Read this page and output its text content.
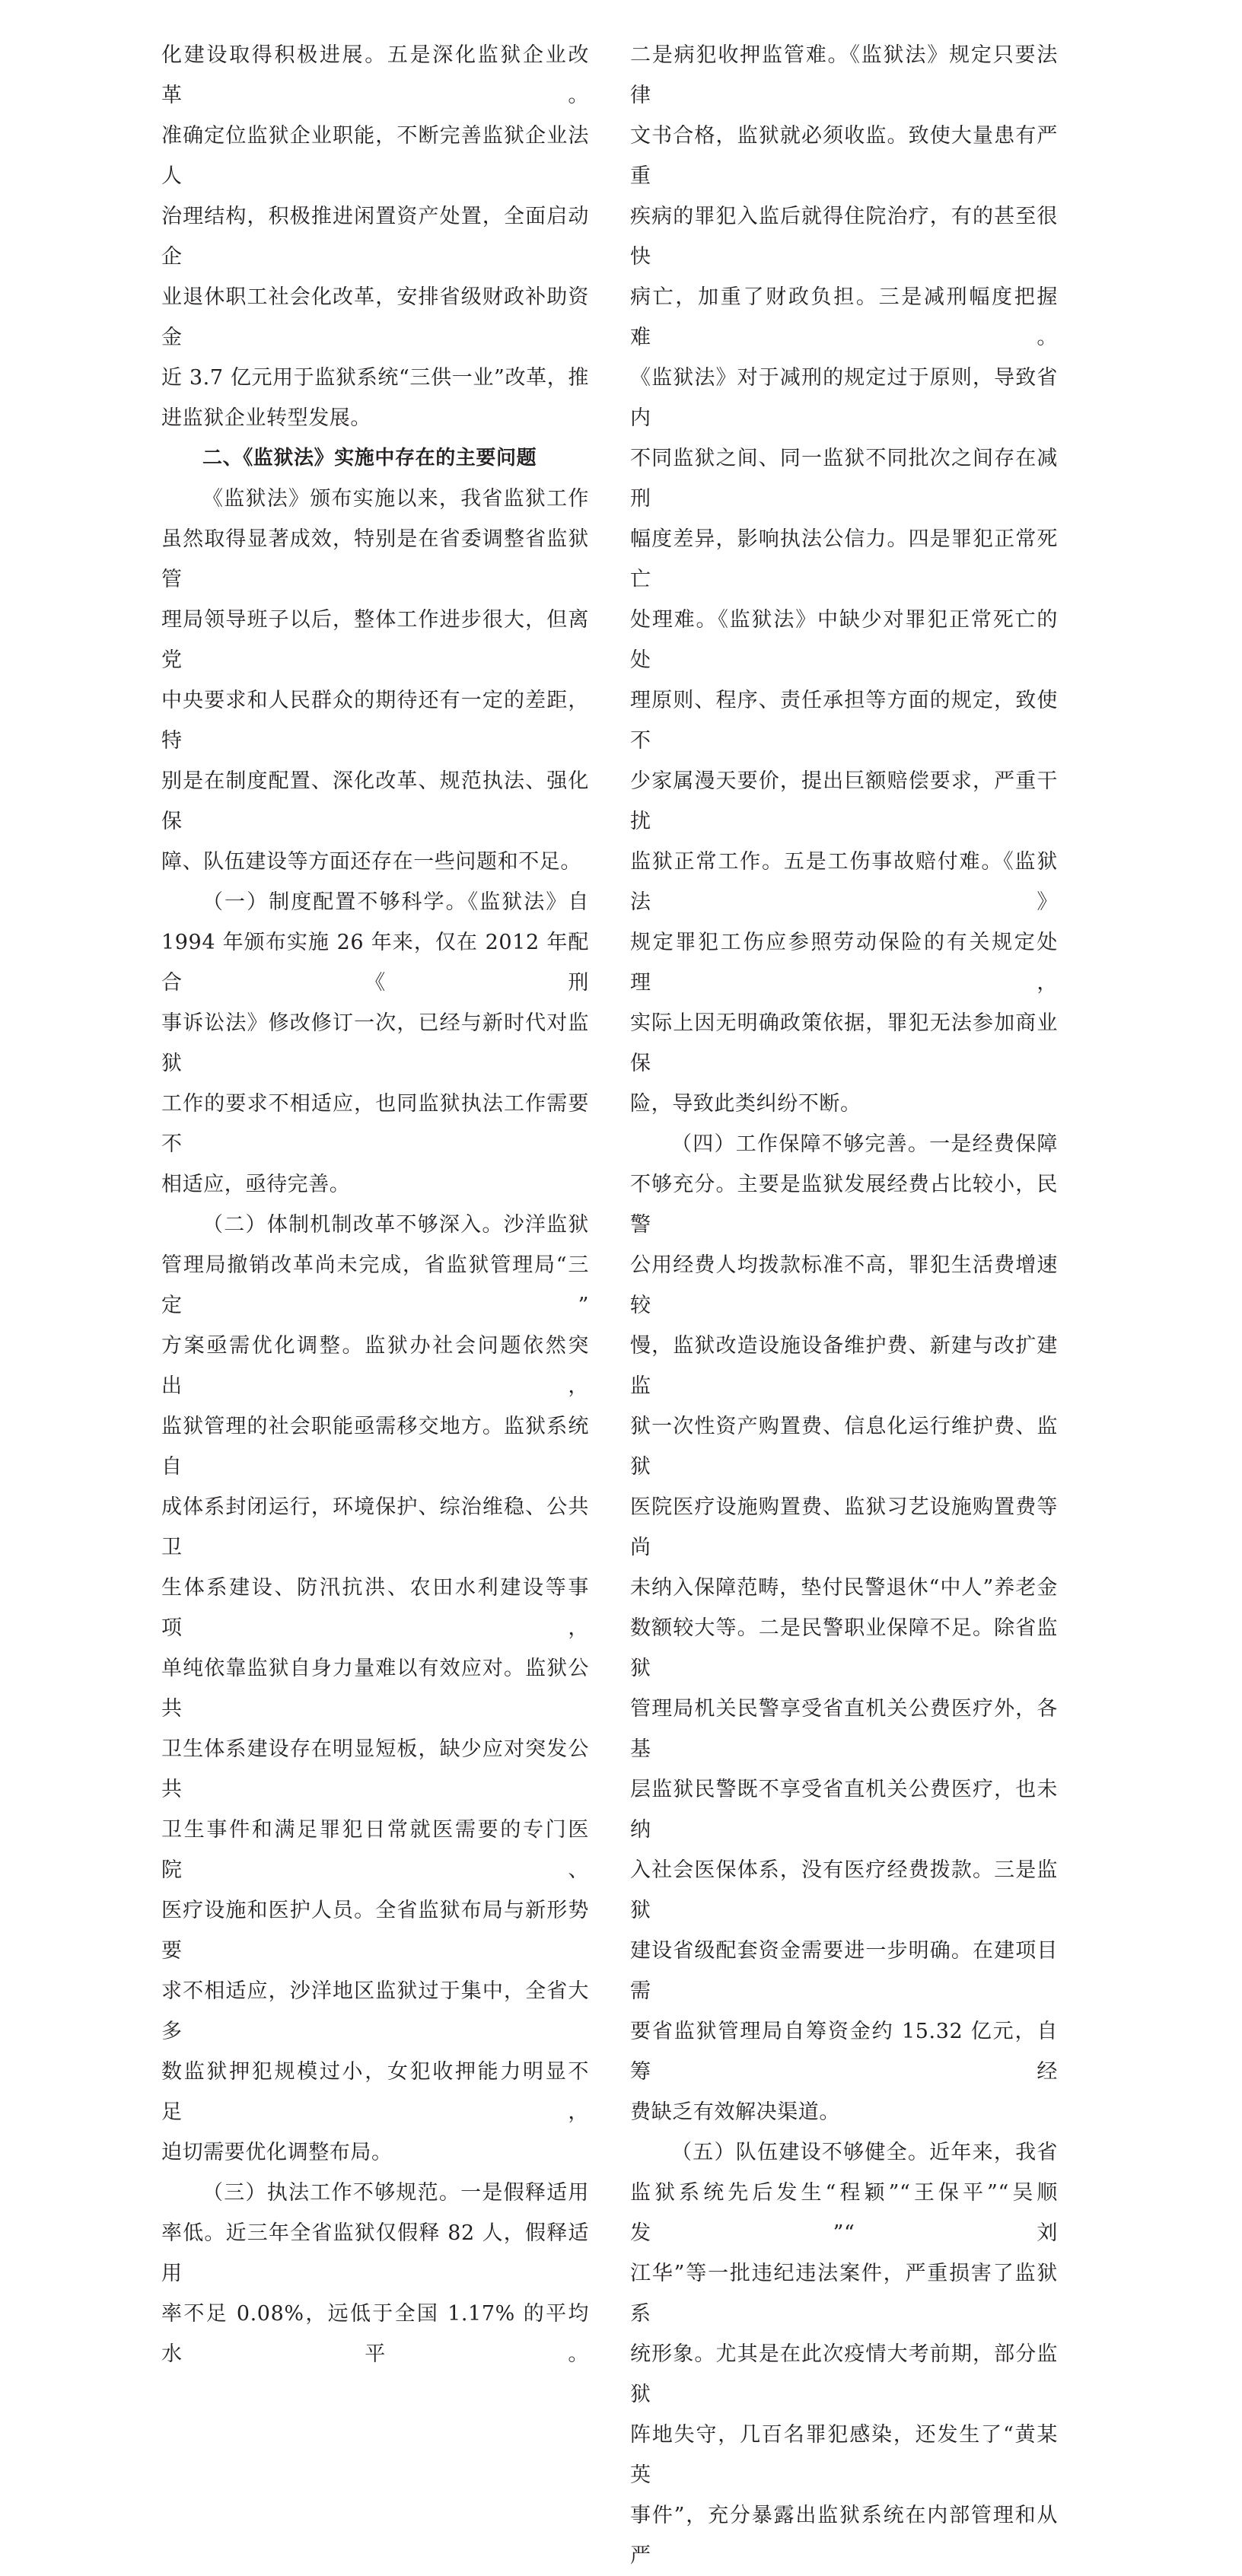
化建设取得积极进展。五是深化监狱企业改革。

准确定位监狱企业职能，不断完善监狱企业法人

治理结构，积极推进闲置资产处置，全面启动企

业退休职工社会化改革，安排省级财政补助资金

近 3.7 亿元用于监狱系统“三供一业”改革，推

进监狱企业转型发展。

二、《监狱法》实施中存在的主要问题

《监狱法》颁布实施以来，我省监狱工作

虽然取得显著成效，特别是在省委调整省监狱管

理局领导班子以后，整体工作进步很大，但离党

中央要求和人民群众的期待还有一定的差距，特

别是在制度配置、深化改革、规范执法、强化保

障、队伍建设等方面还存在一些问题和不足。

（一）制度配置不够科学。《监狱法》自

1994 年颁布实施 26 年来，仅在 2012 年配合《刑

事诉讼法》修改修订一次，已经与新时代对监狱

工作的要求不相适应，也同监狱执法工作需要不

相适应，亟待完善。

（二）体制机制改革不够深入。沙洋监狱

管理局撤销改革尚未完成，省监狱管理局“三定”

方案亟需优化调整。监狱办社会问题依然突出，

监狱管理的社会职能亟需移交地方。监狱系统自

成体系封闭运行，环境保护、综治维稳、公共卫

生体系建设、防汛抗洪、农田水利建设等事项，

单纯依靠监狱自身力量难以有效应对。监狱公共

卫生体系建设存在明显短板，缺少应对突发公共

卫生事件和满足罪犯日常就医需要的专门医院、

医疗设施和医护人员。全省监狱布局与新形势要

求不相适应，沙洋地区监狱过于集中，全省大多

数监狱押犯规模过小，女犯收押能力明显不足，

迫切需要优化调整布局。

（三）执法工作不够规范。一是假释适用

率低。近三年全省监狱仅假释 82 人，假释适用

率不足 0.08%，远低于全国 1.17% 的平均水平。

二是病犯收押监管难。《监狱法》规定只要法律

文书合格，监狱就必须收监。致使大量患有严重

疾病的罪犯入监后就得住院治疗，有的甚至很快

病亡，加重了财政负担。三是减刑幅度把握难。

《监狱法》对于减刑的规定过于原则，导致省内

不同监狱之间、同一监狱不同批次之间存在减刑

幅度差异，影响执法公信力。四是罪犯正常死亡

处理难。《监狱法》中缺少对罪犯正常死亡的处

理原则、程序、责任承担等方面的规定，致使不

少家属漫天要价，提出巨额赔偿要求，严重干扰

监狱正常工作。五是工伤事故赔付难。《监狱法》

规定罪犯工伤应参照劳动保险的有关规定处理，

实际上因无明确政策依据，罪犯无法参加商业保

险，导致此类纠纷不断。

（四）工作保障不够完善。一是经费保障

不够充分。主要是监狱发展经费占比较小，民警

公用经费人均拨款标准不高，罪犯生活费增速较

慢，监狱改造设施设备维护费、新建与改扩建监

狱一次性资产购置费、信息化运行维护费、监狱

医院医疗设施购置费、监狱习艺设施购置费等尚

未纳入保障范畴，垫付民警退休“中人”养老金

数额较大等。二是民警职业保障不足。除省监狱

管理局机关民警享受省直机关公费医疗外，各基

层监狱民警既不享受省直机关公费医疗，也未纳

入社会医保体系，没有医疗经费拨款。三是监狱

建设省级配套资金需要进一步明确。在建项目需

要省监狱管理局自筹资金约 15.32 亿元，自筹经

费缺乏有效解决渠道。

（五）队伍建设不够健全。近年来，我省

监狱系统先后发生“程颖”“王保平”“吴顺发”“刘

江华”等一批违纪违法案件，严重损害了监狱系

统形象。尤其是在此次疫情大考前期，部分监狱

阵地失守，几百名罪犯感染，还发生了“黄某英

事件”，充分暴露出监狱系统在内部管理和从严
